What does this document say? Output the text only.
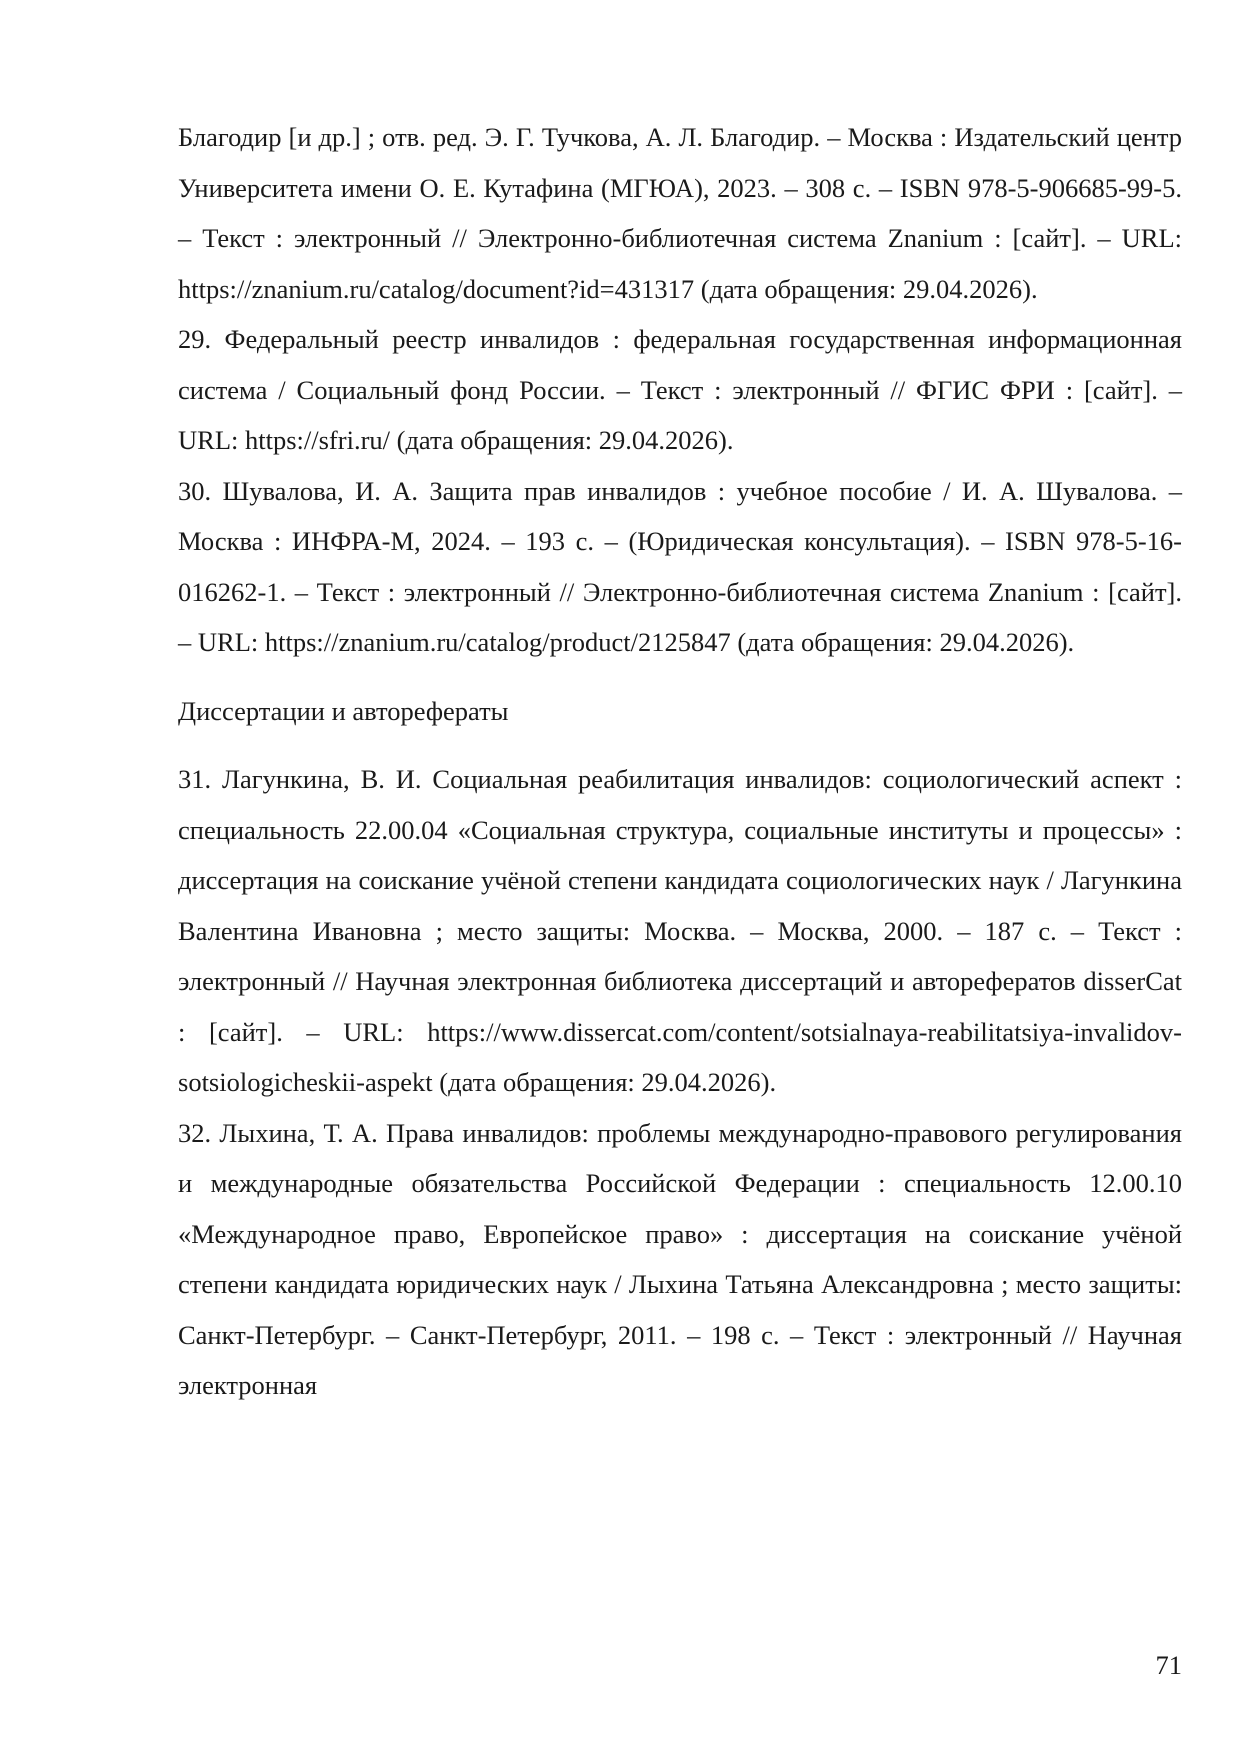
Благодир [и др.] ; отв. ред. Э. Г. Тучкова, А. Л. Благодир. – Москва : Издательский центр Университета имени О. Е. Кутафина (МГЮА), 2023. – 308 с. – ISBN 978-5-906685-99-5. – Текст : электронный // Электронно-библиотечная система Znanium : [сайт]. – URL: https://znanium.ru/catalog/document?id=431317 (дата обращения: 29.04.2026).

29. Федеральный реестр инвалидов : федеральная государственная информационная система / Социальный фонд России. – Текст : электронный // ФГИС ФРИ : [сайт]. – URL: https://sfri.ru/ (дата обращения: 29.04.2026).

30. Шувалова, И. А. Защита прав инвалидов : учебное пособие / И. А. Шувалова. – Москва : ИНФРА-М, 2024. – 193 с. – (Юридическая консультация). – ISBN 978-5-16-016262-1. – Текст : электронный // Электронно-библиотечная система Znanium : [сайт]. – URL: https://znanium.ru/catalog/product/2125847 (дата обращения: 29.04.2026).

Диссертации и авторефераты

31. Лагункина, В. И. Социальная реабилитация инвалидов: социологический аспект : специальность 22.00.04 «Социальная структура, социальные институты и процессы» : диссертация на соискание учёной степени кандидата социологических наук / Лагункина Валентина Ивановна ; место защиты: Москва. – Москва, 2000. – 187 с. – Текст : электронный // Научная электронная библиотека диссертаций и авторефератов disserCat : [сайт]. – URL: https://www.dissercat.com/content/sotsialnaya-reabilitatsiya-invalidov-sotsiologicheskii-aspekt (дата обращения: 29.04.2026).

32. Лыхина, Т. А. Права инвалидов: проблемы международно-правового регулирования и международные обязательства Российской Федерации : специальность 12.00.10 «Международное право, Европейское право» : диссертация на соискание учёной степени кандидата юридических наук / Лыхина Татьяна Александровна ; место защиты: Санкт-Петербург. – Санкт-Петербург, 2011. – 198 с. – Текст : электронный // Научная электронная

71
